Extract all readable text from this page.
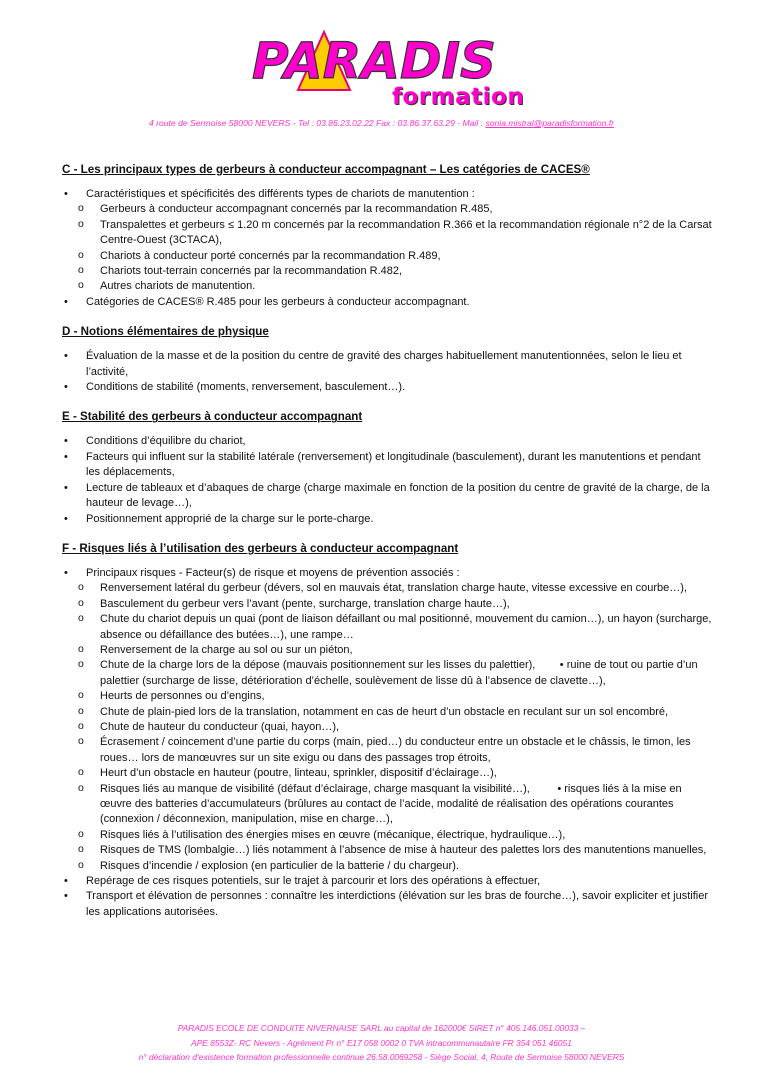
PARADIS
formation
4 route de Sermoise 58000 NEVERS - Tel : 03.86.23.02.22 Fax : 03.86.37.63.29 - Mail : sonia.mistral@paradisformation.fr
C - Les principaux types de gerbeurs à conducteur accompagnant – Les catégories de CACES®
• Caractéristiques et spécificités des différents types de chariots de manutention :
o Gerbeurs à conducteur accompagnant concernés par la recommandation R.485,
o Transpalettes et gerbeurs ≤ 1.20 m concernés par la recommandation R.366 et la recommandation régionale n°2 de la Carsat Centre-Ouest (3CTACA),
o Chariots à conducteur porté concernés par la recommandation R.489,
o Chariots tout-terrain concernés par la recommandation R.482,
o Autres chariots de manutention.
• Catégories de CACES® R.485 pour les gerbeurs à conducteur accompagnant.
D - Notions élémentaires de physique
• Évaluation de la masse et de la position du centre de gravité des charges habituellement manutentionnées, selon le lieu et l’activité,
• Conditions de stabilité (moments, renversement, basculement…).
E - Stabilité des gerbeurs à conducteur accompagnant
• Conditions d’équilibre du chariot,
• Facteurs qui influent sur la stabilité latérale (renversement) et longitudinale (basculement), durant les manutentions et pendant les déplacements,
• Lecture de tableaux et d’abaques de charge (charge maximale en fonction de la position du centre de gravité de la charge, de la hauteur de levage…),
• Positionnement approprié de la charge sur le porte-charge.
F - Risques liés à l’utilisation des gerbeurs à conducteur accompagnant
• Principaux risques - Facteur(s) de risque et moyens de prévention associés :
o Renversement latéral du gerbeur (dévers, sol en mauvais état, translation charge haute, vitesse excessive en courbe…),
o Basculement du gerbeur vers l’avant (pente, surcharge, translation charge haute…),
o Chute du chariot depuis un quai (pont de liaison défaillant ou mal positionné, mouvement du camion…), un hayon (surcharge, absence ou défaillance des butées…), une rampe…
o Renversement de la charge au sol ou sur un piéton,
o Chute de la charge lors de la dépose (mauvais positionnement sur les lisses du palettier), • ruine de tout ou partie d’un palettier (surcharge de lisse, détérioration d’échelle, soulèvement de lisse dû à l’absence de clavette…),
o Heurts de personnes ou d’engins,
o Chute de plain-pied lors de la translation, notamment en cas de heurt d’un obstacle en reculant sur un sol encombré,
o Chute de hauteur du conducteur (quai, hayon…),
o Écrasement / coincement d’une partie du corps (main, pied…) du conducteur entre un obstacle et le châssis, le timon, les roues… lors de manœuvres sur un site exigu ou dans des passages trop étroits,
o Heurt d’un obstacle en hauteur (poutre, linteau, sprinkler, dispositif d’éclairage…),
o Risques liés au manque de visibilité (défaut d’éclairage, charge masquant la visibilité…),	• risques liés à la mise en œuvre des batteries d’accumulateurs (brûlures au contact de l’acide, modalité de réalisation des opérations courantes (connexion / déconnexion, manipulation, mise en charge…),
o Risques liés à l’utilisation des énergies mises en œuvre (mécanique, électrique, hydraulique…),
o Risques de TMS (lombalgie…) liés notamment à l’absence de mise à hauteur des palettes lors des manutentions manuelles,
o Risques d’incendie / explosion (en particulier de la batterie / du chargeur).
• Repérage de ces risques potentiels, sur le trajet à parcourir et lors des opérations à effectuer,
• Transport et élévation de personnes : connaître les interdictions (élévation sur les bras de fourche…), savoir expliciter et justifier les applications autorisées.
PARADIS ECOLE DE CONDUITE NIVERNAISE SARL au capital de 162000€ SIRET n° 405.146.051.00033 –
APE 8553Z- RC Nevers - Agrément Pr n° E17 058 0002 0 TVA intracommunautaire FR 354 051 46051
n° déclaration d’existence formation professionnelle continue 26.58.0069258 - Siège Social, 4, Route de Sermoise 58000 NEVERS
